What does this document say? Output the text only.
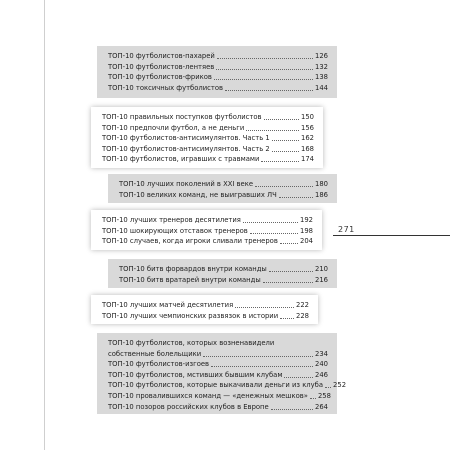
ТОП-10 футболистов-пахарей	126
ТОП-10 футболистов-лентяев	132
ТОП-10 футболистов-фриков	138
ТОП-10 токсичных футболистов	144
ТОП-10 правильных поступков футболистов	150
ТОП-10 предпочли футбол, а не деньги	156
ТОП-10 футболистов-антисимулянтов. Часть 1	162
ТОП-10 футболистов-антисимулянтов. Часть 2	168
ТОП-10 футболистов, игравших с травмами	174
ТОП-10 лучших поколений в XXI веке	180
ТОП-10 великих команд, не выигравших ЛЧ	186
ТОП-10 лучших тренеров десятилетия	192
ТОП-10 шокирующих отставок тренеров	198
ТОП-10 случаев, когда игроки сливали тренеров	204
ТОП-10 битв форвардов внутри команды	210
ТОП-10 битв вратарей внутри команды	216
ТОП-10 лучших матчей десятилетия	222
ТОП-10 лучших чемпионских развязок в истории	228
ТОП-10 футболистов, которых возненавидели
собственные болельщики	234
ТОП-10 футболистов-изгоев	240
ТОП-10 футболистов, мстивших бывшим клубам	246
ТОП-10 футболистов, которые выкачивали деньги из клуба 252
ТОП-10 провалившихся команд — «денежных мешков» 258
ТОП-10 позоров российских клубов в Европе	264
271
